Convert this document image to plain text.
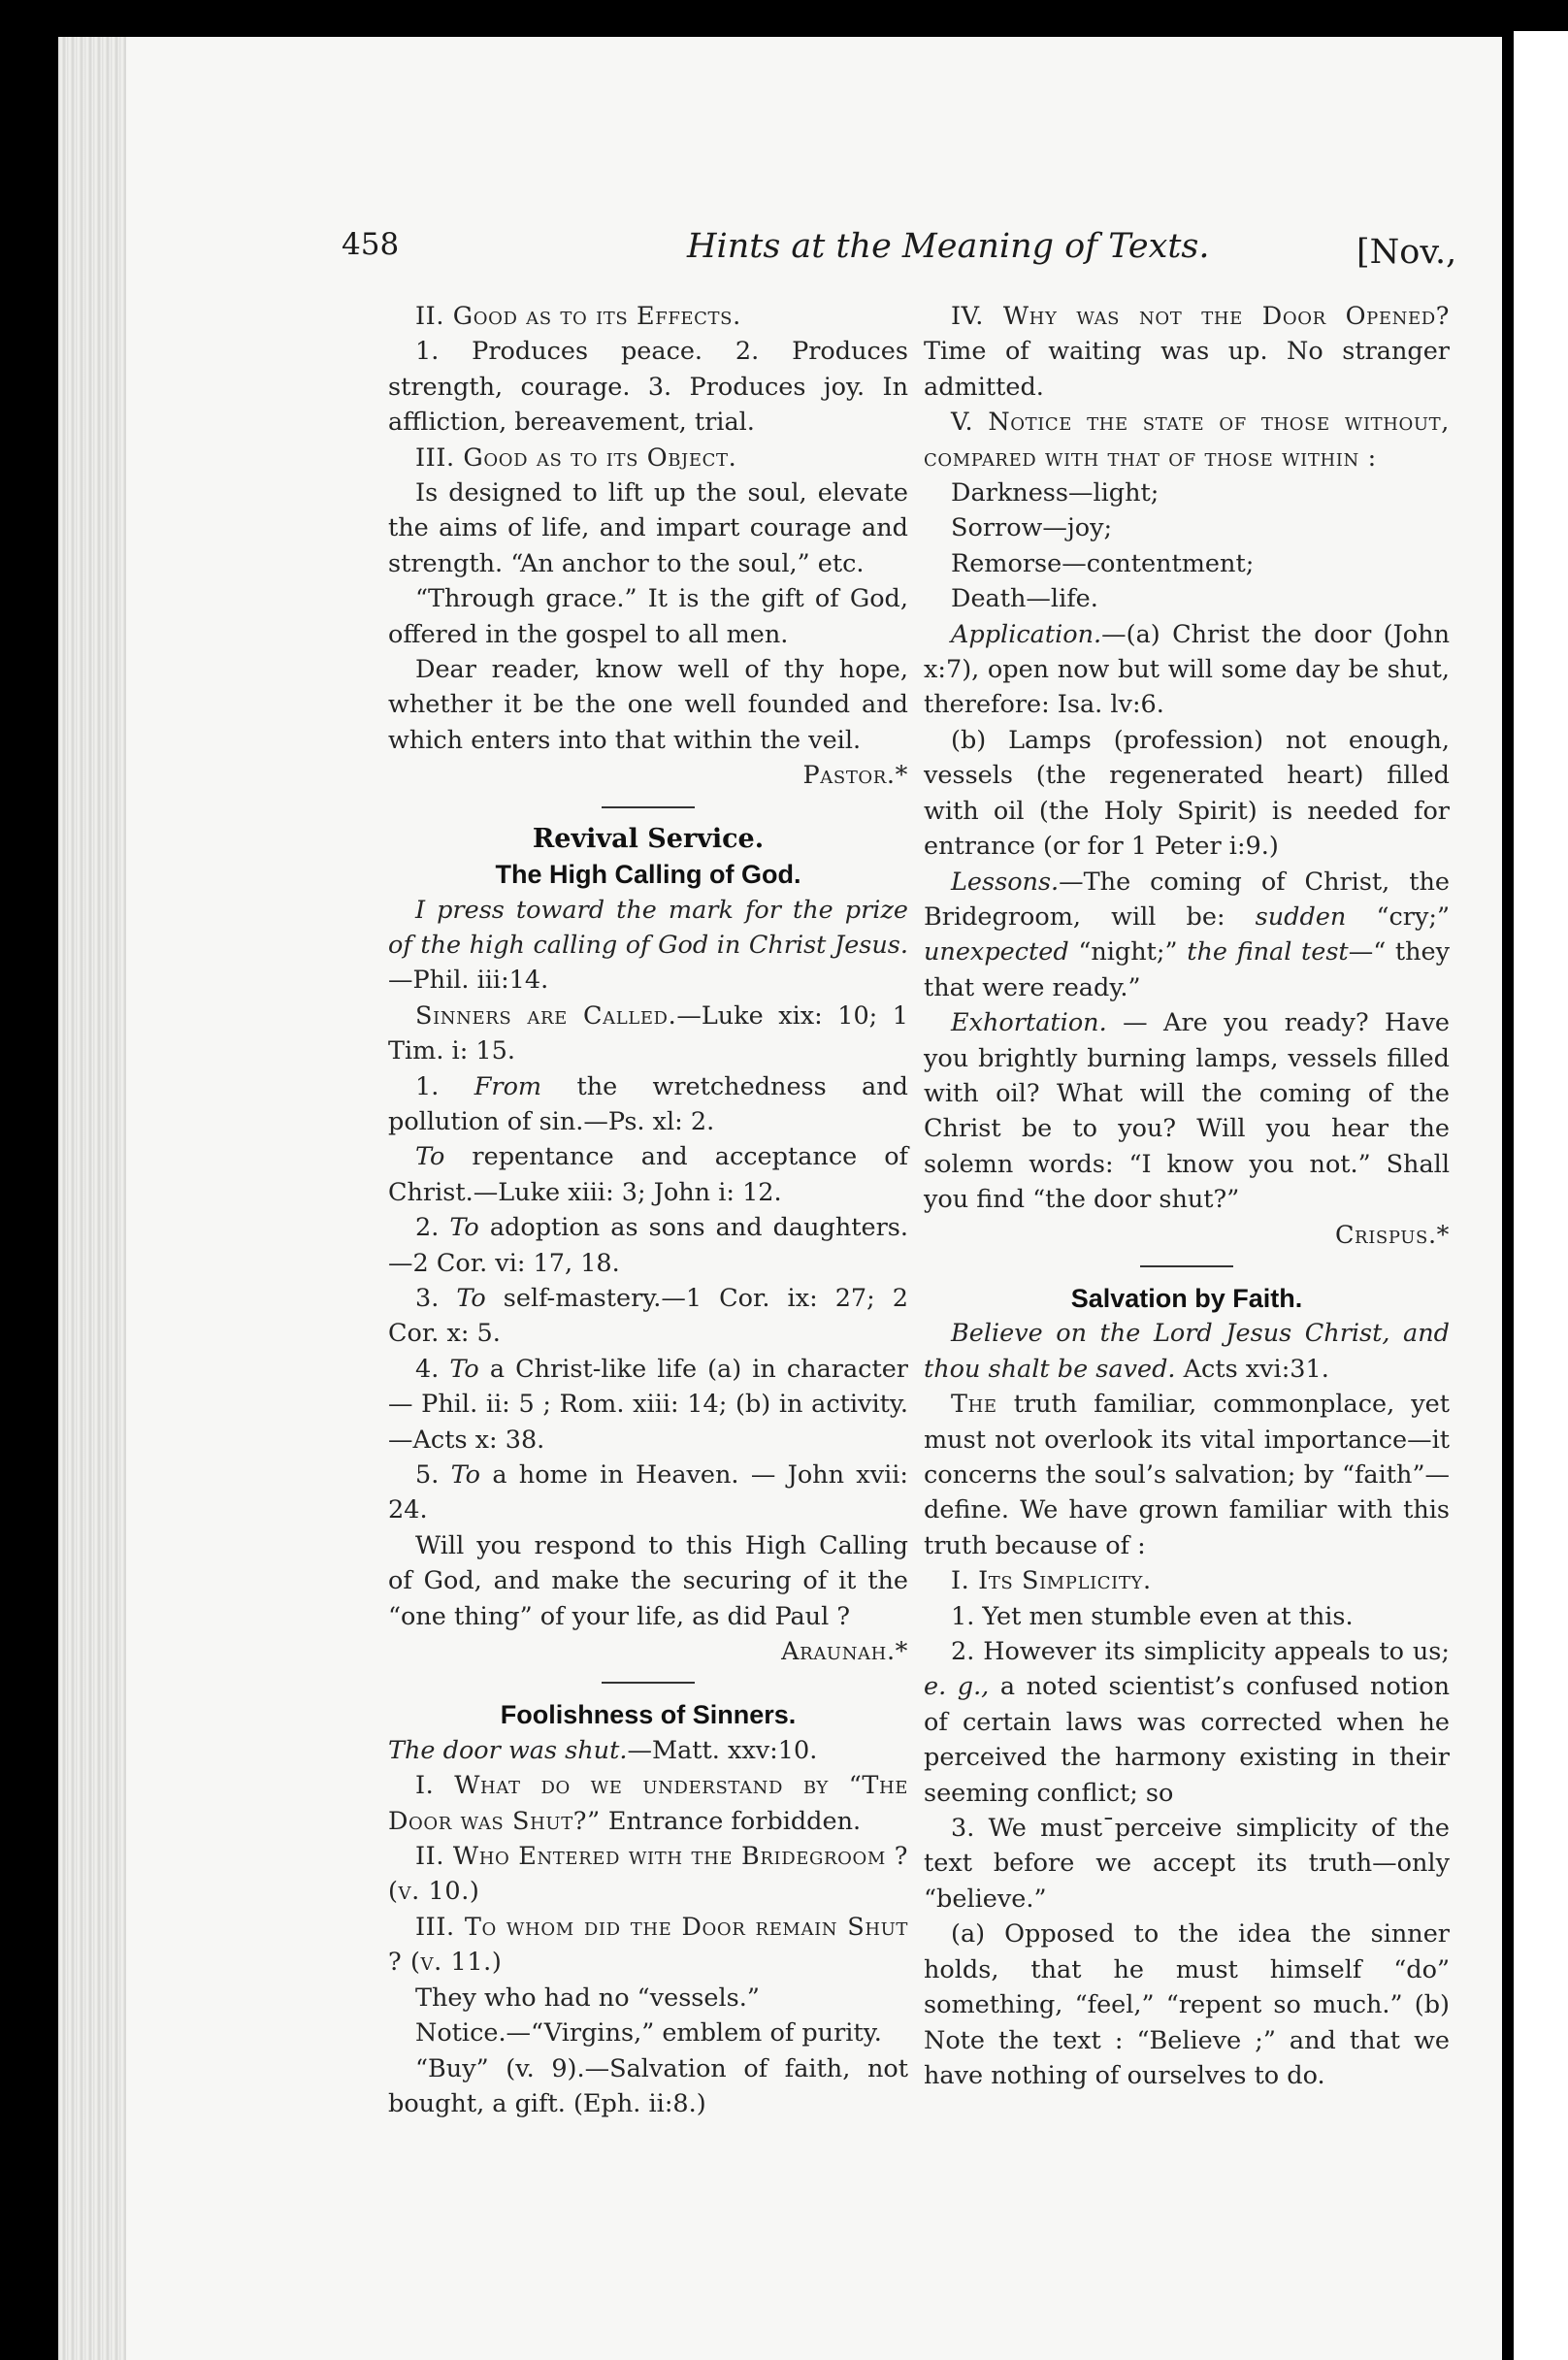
458	Hints at the Meaning of Texts.	[Nov.,

II. Good as to its Effects.

1. Produces peace. 2. Produces strength, courage. 3. Produces joy. In affliction, bereavement, trial.

III. Good as to its Object.

Is designed to lift up the soul, elevate the aims of life, and impart courage and strength. “An anchor to the soul,” etc.

“Through grace.” It is the gift of God, offered in the gospel to all men.

Dear reader, know well of thy hope, whether it be the one well founded and which enters into that within the veil.

Pastor.*

Revival Service.

The High Calling of God.

I press toward the mark for the prize of the high calling of God in Christ Jesus.—Phil. iii:14.

Sinners are Called.—Luke xix: 10; 1 Tim. i: 15.

1. From the wretchedness and pollution of sin.—Ps. xl: 2.

To repentance and acceptance of Christ.—Luke xiii: 3; John i: 12.

2. To adoption as sons and daughters.—2 Cor. vi: 17, 18.

3. To self-mastery.—1 Cor. ix: 27; 2 Cor. x: 5.

4. To a Christ-like life (a) in character — Phil. ii: 5 ; Rom. xiii: 14; (b) in activity.—Acts x: 38.

5. To a home in Heaven. — John xvii: 24.

Will you respond to this High Calling of God, and make the securing of it the “one thing” of your life, as did Paul ?

Araunah.*

Foolishness of Sinners.

The door was shut.—Matt. xxv:10.

I. What do we understand by “The Door was Shut?” Entrance forbidden.

II. Who Entered with the Bridegroom ? (v. 10.)

III. To whom did the Door remain Shut ? (v. 11.)

They who had no “vessels.”

Notice.—“Virgins,” emblem of purity.

“Buy” (v. 9).—Salvation of faith, not bought, a gift. (Eph. ii:8.)

IV. Why was not the Door Opened? Time of waiting was up. No stranger admitted.

V. Notice the state of those without, compared with that of those within :

Darkness—light;

Sorrow—joy;

Remorse—contentment;

Death—life.

Application.—(a) Christ the door (John x:7), open now but will some day be shut, therefore: Isa. lv:6.

(b) Lamps (profession) not enough, vessels (the regenerated heart) filled with oil (the Holy Spirit) is needed for entrance (or for 1 Peter i:9.)

Lessons.—The coming of Christ, the Bridegroom, will be: sudden “cry;” unexpected “night;” the final test—“ they that were ready.”

Exhortation. — Are you ready? Have you brightly burning lamps, vessels filled with oil? What will the coming of the Christ be to you? Will you hear the solemn words: “I know you not.” Shall you find “the door shut?”

Crispus.*

Salvation by Faith.

Believe on the Lord Jesus Christ, and thou shalt be saved. Acts xvi:31.

The truth familiar, commonplace, yet must not overlook its vital importance—it concerns the soul’s salvation; by “faith”—define. We have grown familiar with this truth because of :

I. Its Simplicity.

1. Yet men stumble even at this.

2. However its simplicity appeals to us; e. g., a noted scientist’s confused notion of certain laws was corrected when he perceived the harmony existing in their seeming conflict; so

3. We mustˉperceive simplicity of the text before we accept its truth—only “believe.”

(a) Opposed to the idea the sinner holds, that he must himself “do” something, “feel,” “repent so much.” (b) Note the text : “Believe ;” and that we have nothing of ourselves to do.
